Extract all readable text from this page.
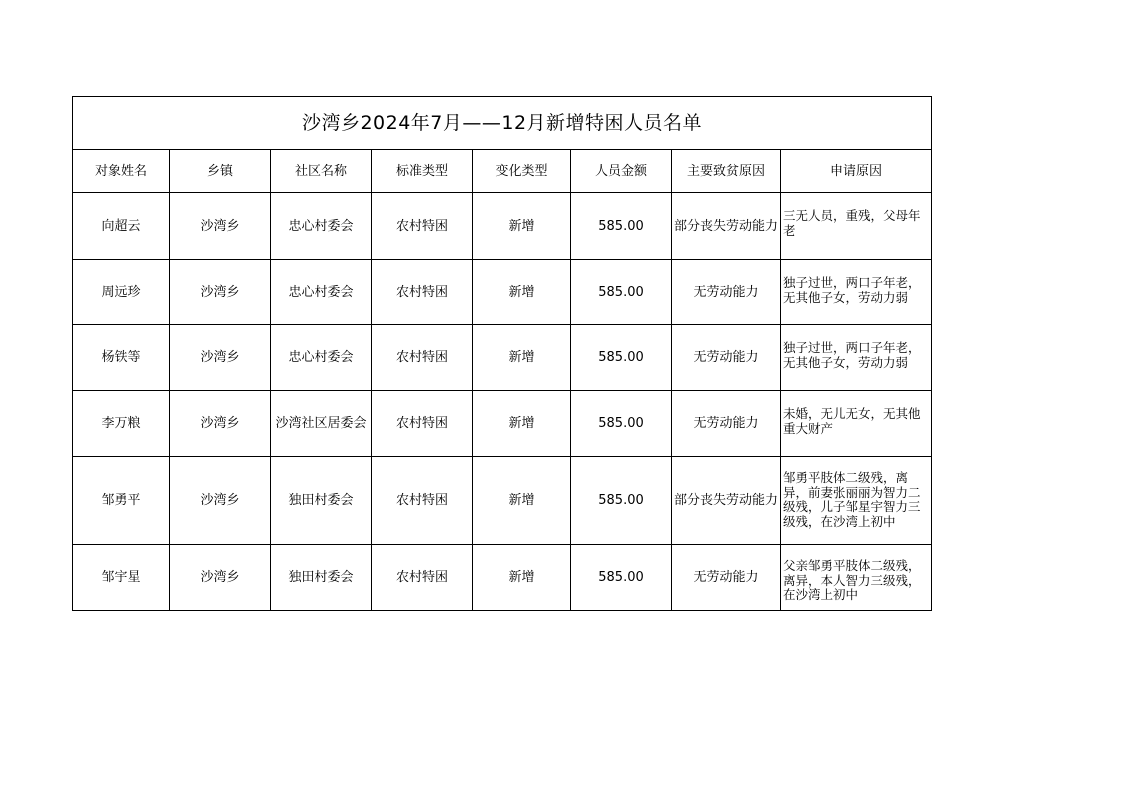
沙湾乡2024年7月——12月新增特困人员名单							
对象姓名	乡镇	社区名称	标准类型	变化类型	人员金额	主要致贫原因	申请原因
向超云	沙湾乡	忠心村委会	农村特困	新增	585.00	部分丧失劳动能力	三无人员，重残，父母年老
周远珍	沙湾乡	忠心村委会	农村特困	新增	585.00	无劳动能力	独子过世，两口子年老，无其他子女，劳动力弱
杨铁等	沙湾乡	忠心村委会	农村特困	新增	585.00	无劳动能力	独子过世，两口子年老，无其他子女，劳动力弱
李万粮	沙湾乡	沙湾社区居委会	农村特困	新增	585.00	无劳动能力	未婚，无儿无女，无其他重大财产
邹勇平	沙湾乡	独田村委会	农村特困	新增	585.00	部分丧失劳动能力	邹勇平肢体二级残，离异，前妻张丽丽为智力二级残，儿子邹星宇智力三级残，在沙湾上初中
邹宇星	沙湾乡	独田村委会	农村特困	新增	585.00	无劳动能力	父亲邹勇平肢体二级残，离异，本人智力三级残，在沙湾上初中
